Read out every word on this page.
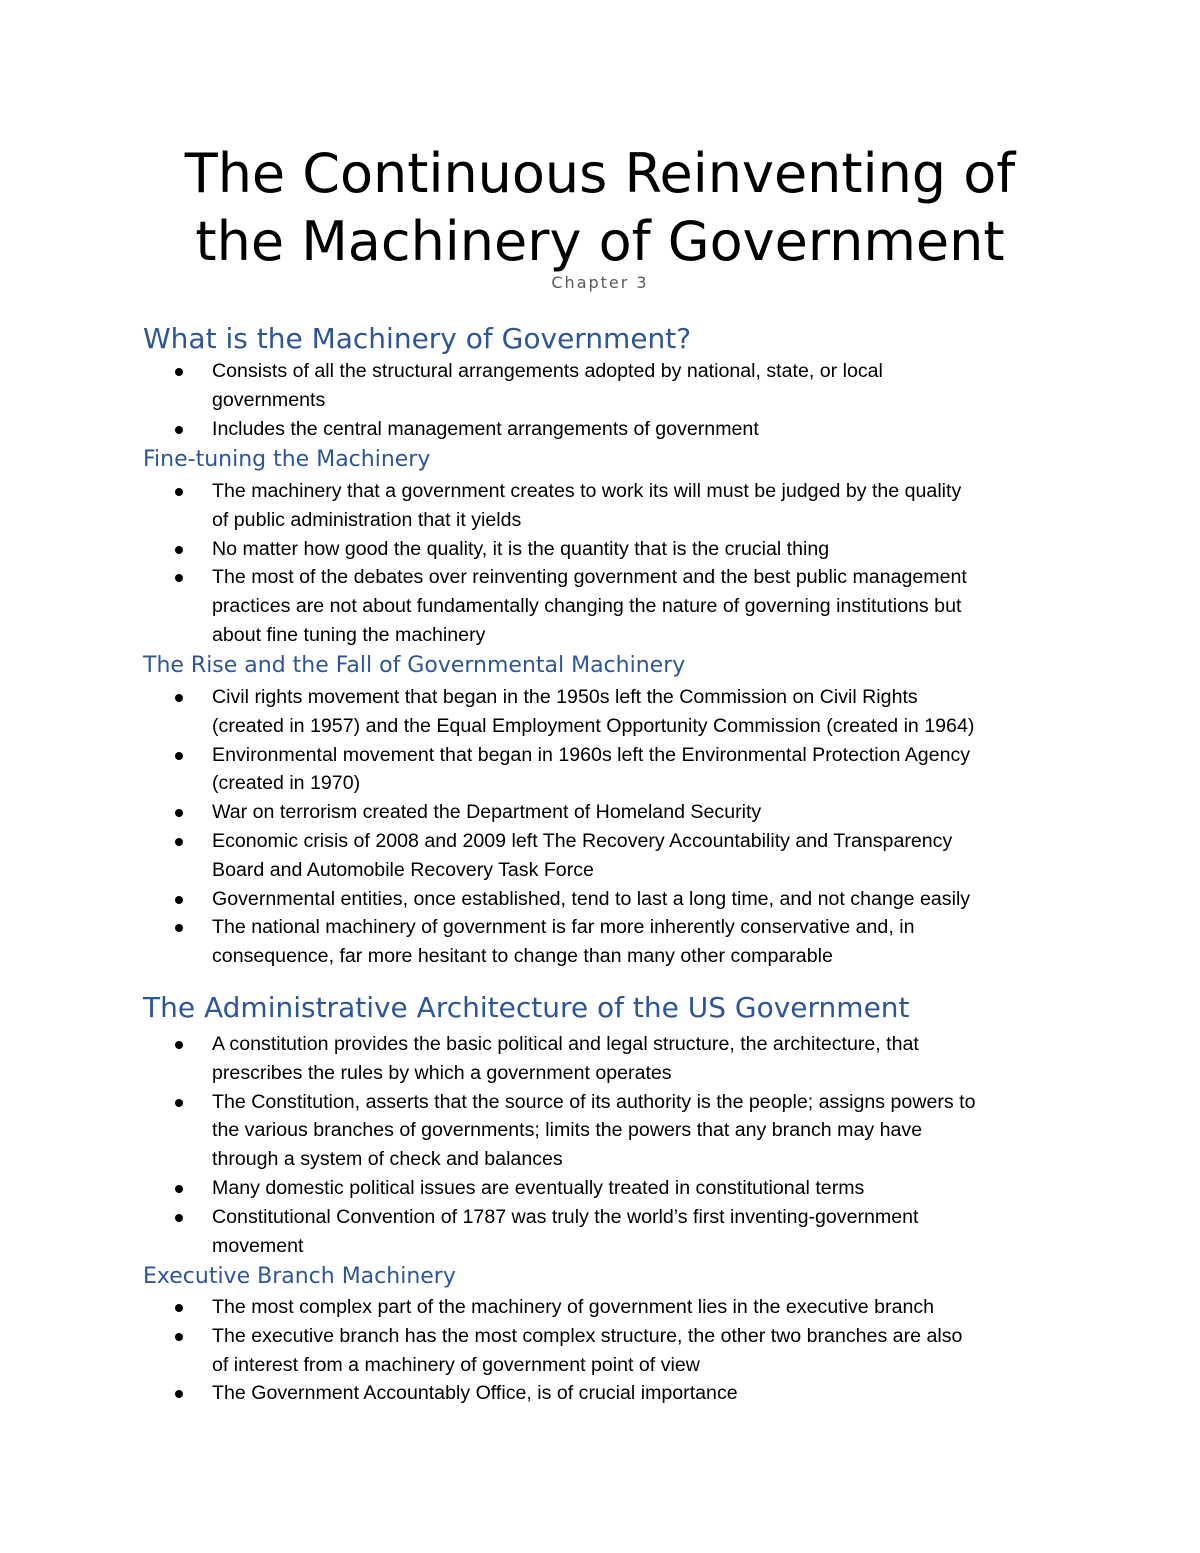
The Continuous Reinventing of
the Machinery of Government
Chapter 3
What is the Machinery of Government?
Consists of all the structural arrangements adopted by national, state, or local
governments
Includes the central management arrangements of government
Fine-tuning the Machinery
The machinery that a government creates to work its will must be judged by the quality
of public administration that it yields
No matter how good the quality, it is the quantity that is the crucial thing
The most of the debates over reinventing government and the best public management
practices are not about fundamentally changing the nature of governing institutions but
about fine tuning the machinery
The Rise and the Fall of Governmental Machinery
Civil rights movement that began in the 1950s left the Commission on Civil Rights
(created in 1957) and the Equal Employment Opportunity Commission (created in 1964)
Environmental movement that began in 1960s left the Environmental Protection Agency
(created in 1970)
War on terrorism created the Department of Homeland Security
Economic crisis of 2008 and 2009 left The Recovery Accountability and Transparency
Board and Automobile Recovery Task Force
Governmental entities, once established, tend to last a long time, and not change easily
The national machinery of government is far more inherently conservative and, in
consequence, far more hesitant to change than many other comparable
The Administrative Architecture of the US Government
A constitution provides the basic political and legal structure, the architecture, that
prescribes the rules by which a government operates
The Constitution, asserts that the source of its authority is the people; assigns powers to
the various branches of governments; limits the powers that any branch may have
through a system of check and balances
Many domestic political issues are eventually treated in constitutional terms
Constitutional Convention of 1787 was truly the world’s first inventing-government
movement
Executive Branch Machinery
The most complex part of the machinery of government lies in the executive branch
The executive branch has the most complex structure, the other two branches are also
of interest from a machinery of government point of view
The Government Accountably Office, is of crucial importance
